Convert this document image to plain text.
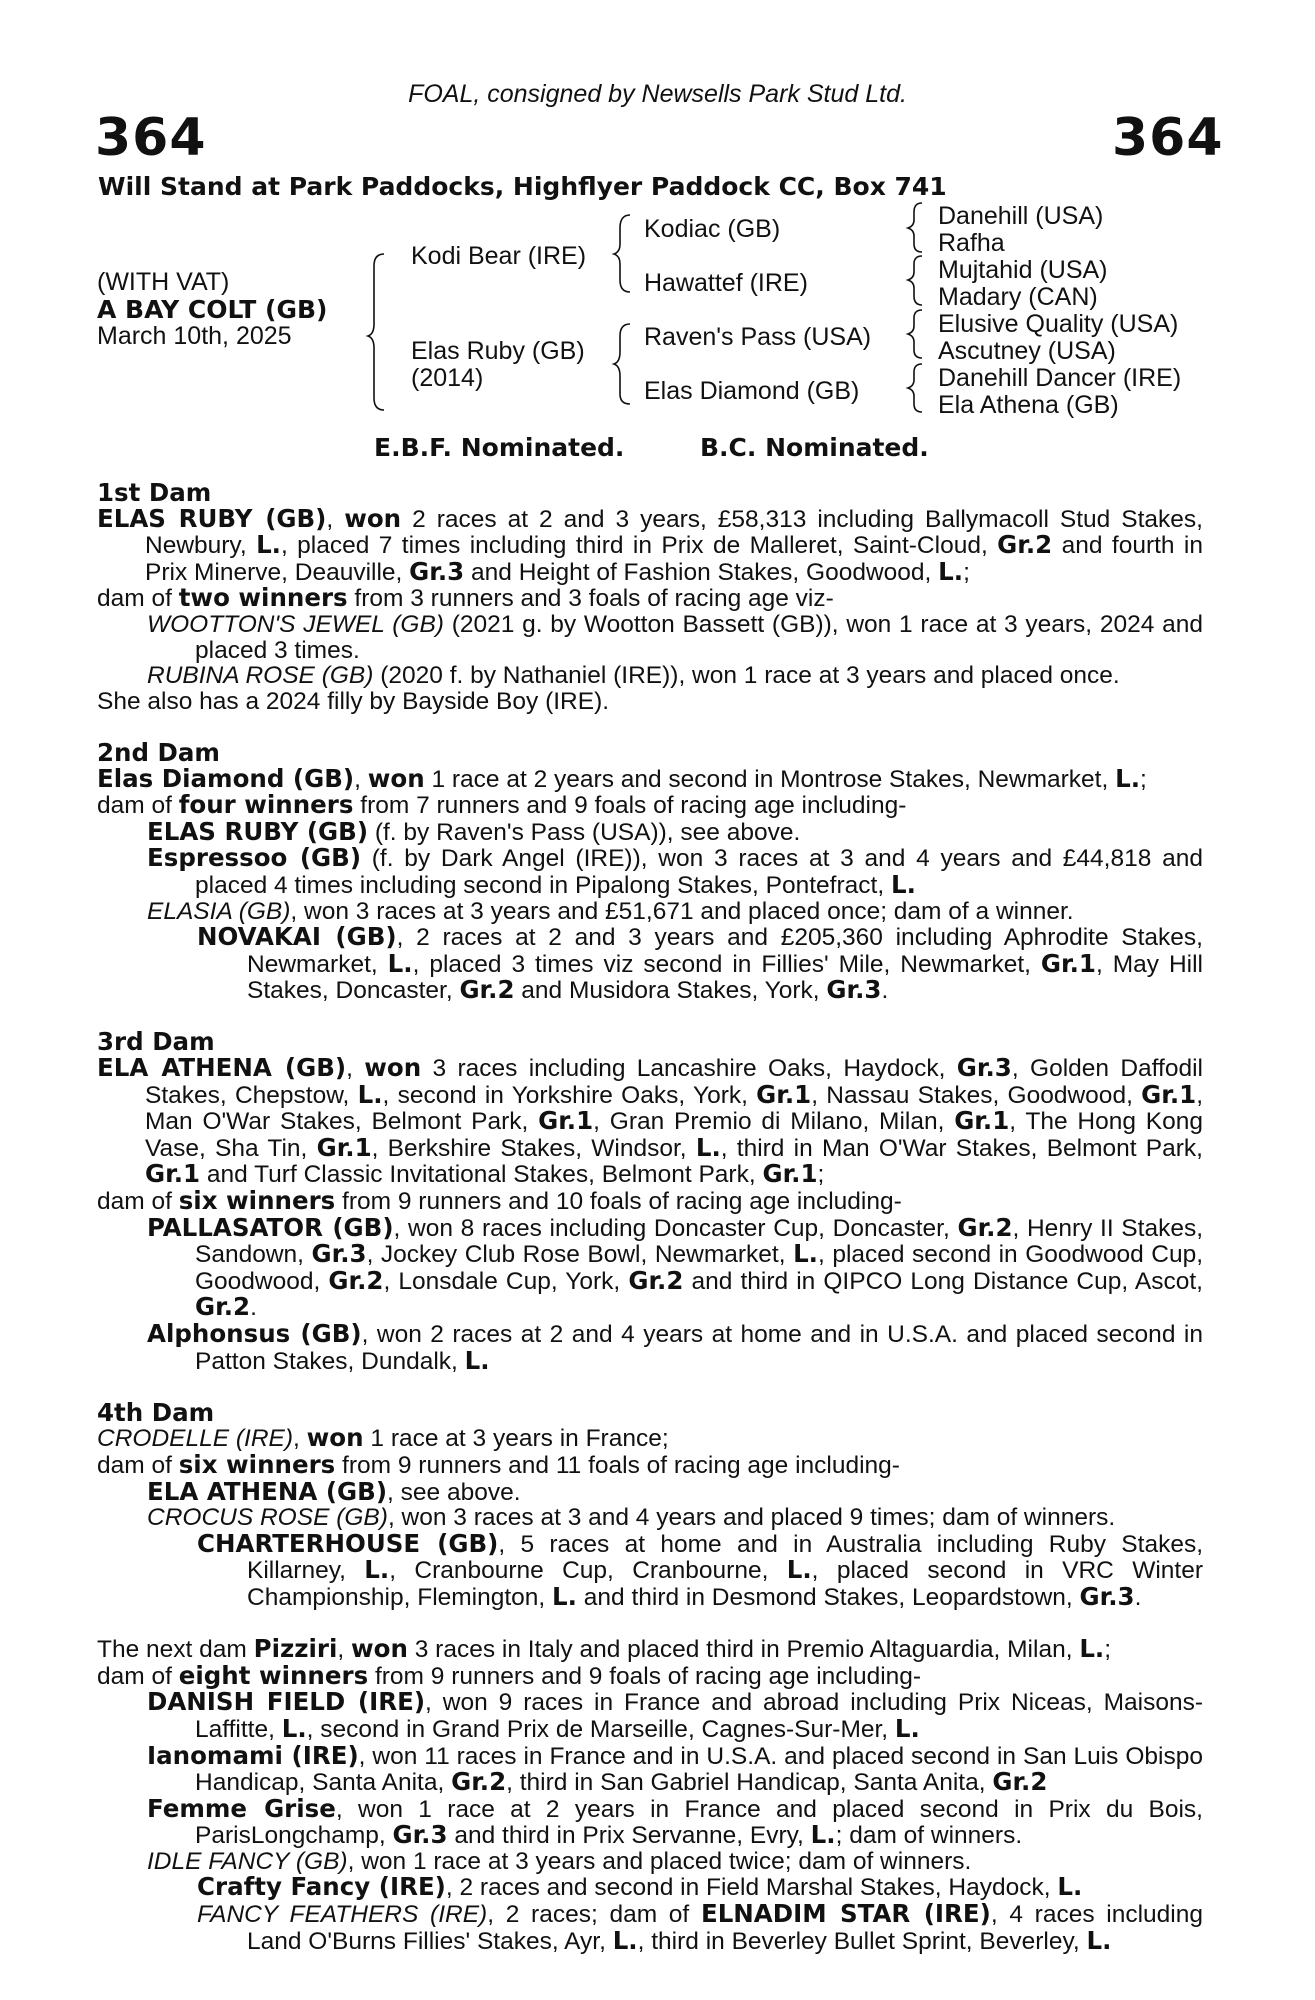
FOAL, consigned by Newsells Park Stud Ltd.
364	364
Will Stand at Park Paddocks, Highflyer Paddock CC, Box 741
(WITH VAT)
A BAY COLT (GB)
March 10th, 2025
Kodi Bear (IRE)
Elas Ruby (GB)
(2014)
Kodiac (GB)
Hawattef (IRE)
Raven's Pass (USA)
Elas Diamond (GB)
Danehill (USA)
Rafha
Mujtahid (USA)
Madary (CAN)
Elusive Quality (USA)
Ascutney (USA)
Danehill Dancer (IRE)
Ela Athena (GB)
E.B.F. Nominated.	B.C. Nominated.

1st Dam

ELAS RUBY (GB), won 2 races at 2 and 3 years, £58,313 including Ballymacoll Stud Stakes, Newbury, L., placed 7 times including third in Prix de Malleret, Saint-Cloud, Gr.2 and fourth in Prix Minerve, Deauville, Gr.3 and Height of Fashion Stakes, Goodwood, L.;

dam of two winners from 3 runners and 3 foals of racing age viz-

WOOTTON'S JEWEL (GB) (2021 g. by Wootton Bassett (GB)), won 1 race at 3 years, 2024 and placed 3 times.

RUBINA ROSE (GB) (2020 f. by Nathaniel (IRE)), won 1 race at 3 years and placed once.

She also has a 2024 filly by Bayside Boy (IRE).

2nd Dam

Elas Diamond (GB), won 1 race at 2 years and second in Montrose Stakes, Newmarket, L.;

dam of four winners from 7 runners and 9 foals of racing age including-

ELAS RUBY (GB) (f. by Raven's Pass (USA)), see above.

Espressoo (GB) (f. by Dark Angel (IRE)), won 3 races at 3 and 4 years and £44,818 and placed 4 times including second in Pipalong Stakes, Pontefract, L.

ELASIA (GB), won 3 races at 3 years and £51,671 and placed once; dam of a winner.

NOVAKAI (GB), 2 races at 2 and 3 years and £205,360 including Aphrodite Stakes, Newmarket, L., placed 3 times viz second in Fillies' Mile, Newmarket, Gr.1, May Hill Stakes, Doncaster, Gr.2 and Musidora Stakes, York, Gr.3.

3rd Dam

ELA ATHENA (GB), won 3 races including Lancashire Oaks, Haydock, Gr.3, Golden Daffodil Stakes, Chepstow, L., second in Yorkshire Oaks, York, Gr.1, Nassau Stakes, Goodwood, Gr.1, Man O'War Stakes, Belmont Park, Gr.1, Gran Premio di Milano, Milan, Gr.1, The Hong Kong Vase, Sha Tin, Gr.1, Berkshire Stakes, Windsor, L., third in Man O'War Stakes, Belmont Park, Gr.1 and Turf Classic Invitational Stakes, Belmont Park, Gr.1;

dam of six winners from 9 runners and 10 foals of racing age including-

PALLASATOR (GB), won 8 races including Doncaster Cup, Doncaster, Gr.2, Henry II Stakes, Sandown, Gr.3, Jockey Club Rose Bowl, Newmarket, L., placed second in Goodwood Cup, Goodwood, Gr.2, Lonsdale Cup, York, Gr.2 and third in QIPCO Long Distance Cup, Ascot, Gr.2.

Alphonsus (GB), won 2 races at 2 and 4 years at home and in U.S.A. and placed second in Patton Stakes, Dundalk, L.

4th Dam

CRODELLE (IRE), won 1 race at 3 years in France;

dam of six winners from 9 runners and 11 foals of racing age including-

ELA ATHENA (GB), see above.

CROCUS ROSE (GB), won 3 races at 3 and 4 years and placed 9 times; dam of winners.

CHARTERHOUSE (GB), 5 races at home and in Australia including Ruby Stakes, Killarney, L., Cranbourne Cup, Cranbourne, L., placed second in VRC Winter Championship, Flemington, L. and third in Desmond Stakes, Leopardstown, Gr.3.

The next dam Pizziri, won 3 races in Italy and placed third in Premio Altaguardia, Milan, L.;

dam of eight winners from 9 runners and 9 foals of racing age including-

DANISH FIELD (IRE), won 9 races in France and abroad including Prix Niceas, Maisons-Laffitte, L., second in Grand Prix de Marseille, Cagnes-Sur-Mer, L.

Ianomami (IRE), won 11 races in France and in U.S.A. and placed second in San Luis Obispo Handicap, Santa Anita, Gr.2, third in San Gabriel Handicap, Santa Anita, Gr.2

Femme Grise, won 1 race at 2 years in France and placed second in Prix du Bois, ParisLongchamp, Gr.3 and third in Prix Servanne, Evry, L.; dam of winners.

IDLE FANCY (GB), won 1 race at 3 years and placed twice; dam of winners.

Crafty Fancy (IRE), 2 races and second in Field Marshal Stakes, Haydock, L.

FANCY FEATHERS (IRE), 2 races; dam of ELNADIM STAR (IRE), 4 races including Land O'Burns Fillies' Stakes, Ayr, L., third in Beverley Bullet Sprint, Beverley, L.
